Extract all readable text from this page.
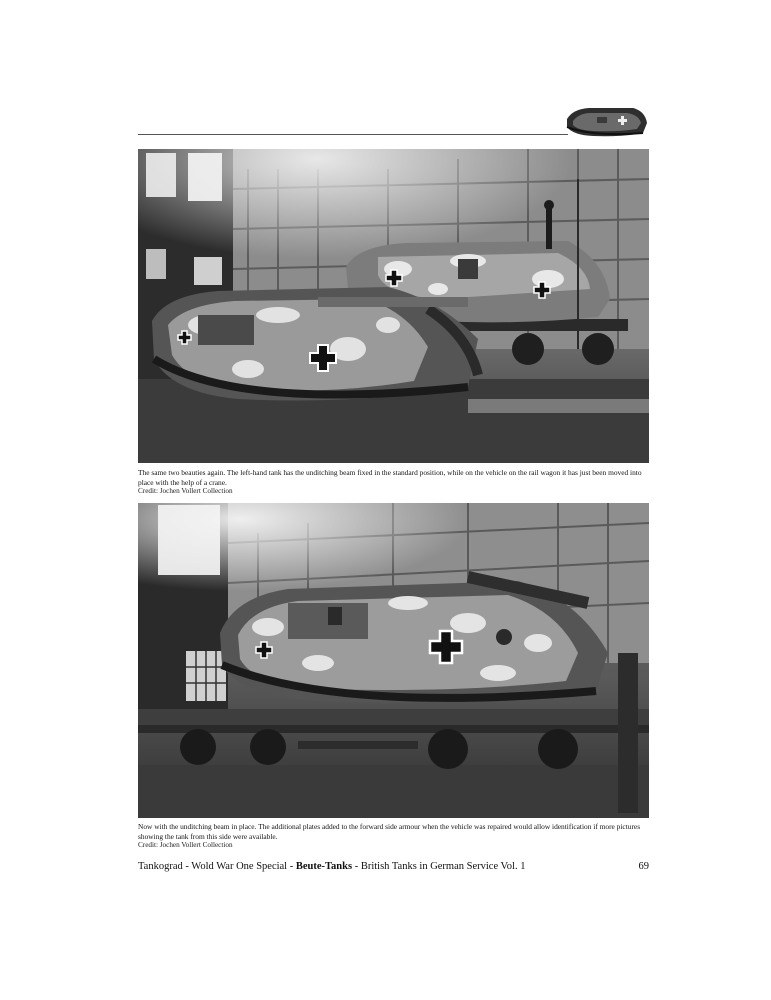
The same two beauties again. The left-hand tank has the unditching beam fixed in the standard position, while on the vehicle on the rail wagon it has just been moved into place with the help of a crane.
Credit: Jochen Vollert Collection
Now with the unditching beam in place. The additional plates added to the forward side armour when the vehicle was repaired would allow identification if more pictures showing the tank from this side were available.
Credit: Jochen Vollert Collection
Tankograd - Wold War One Special - Beute-Tanks - British Tanks in German Service Vol. 1	69
